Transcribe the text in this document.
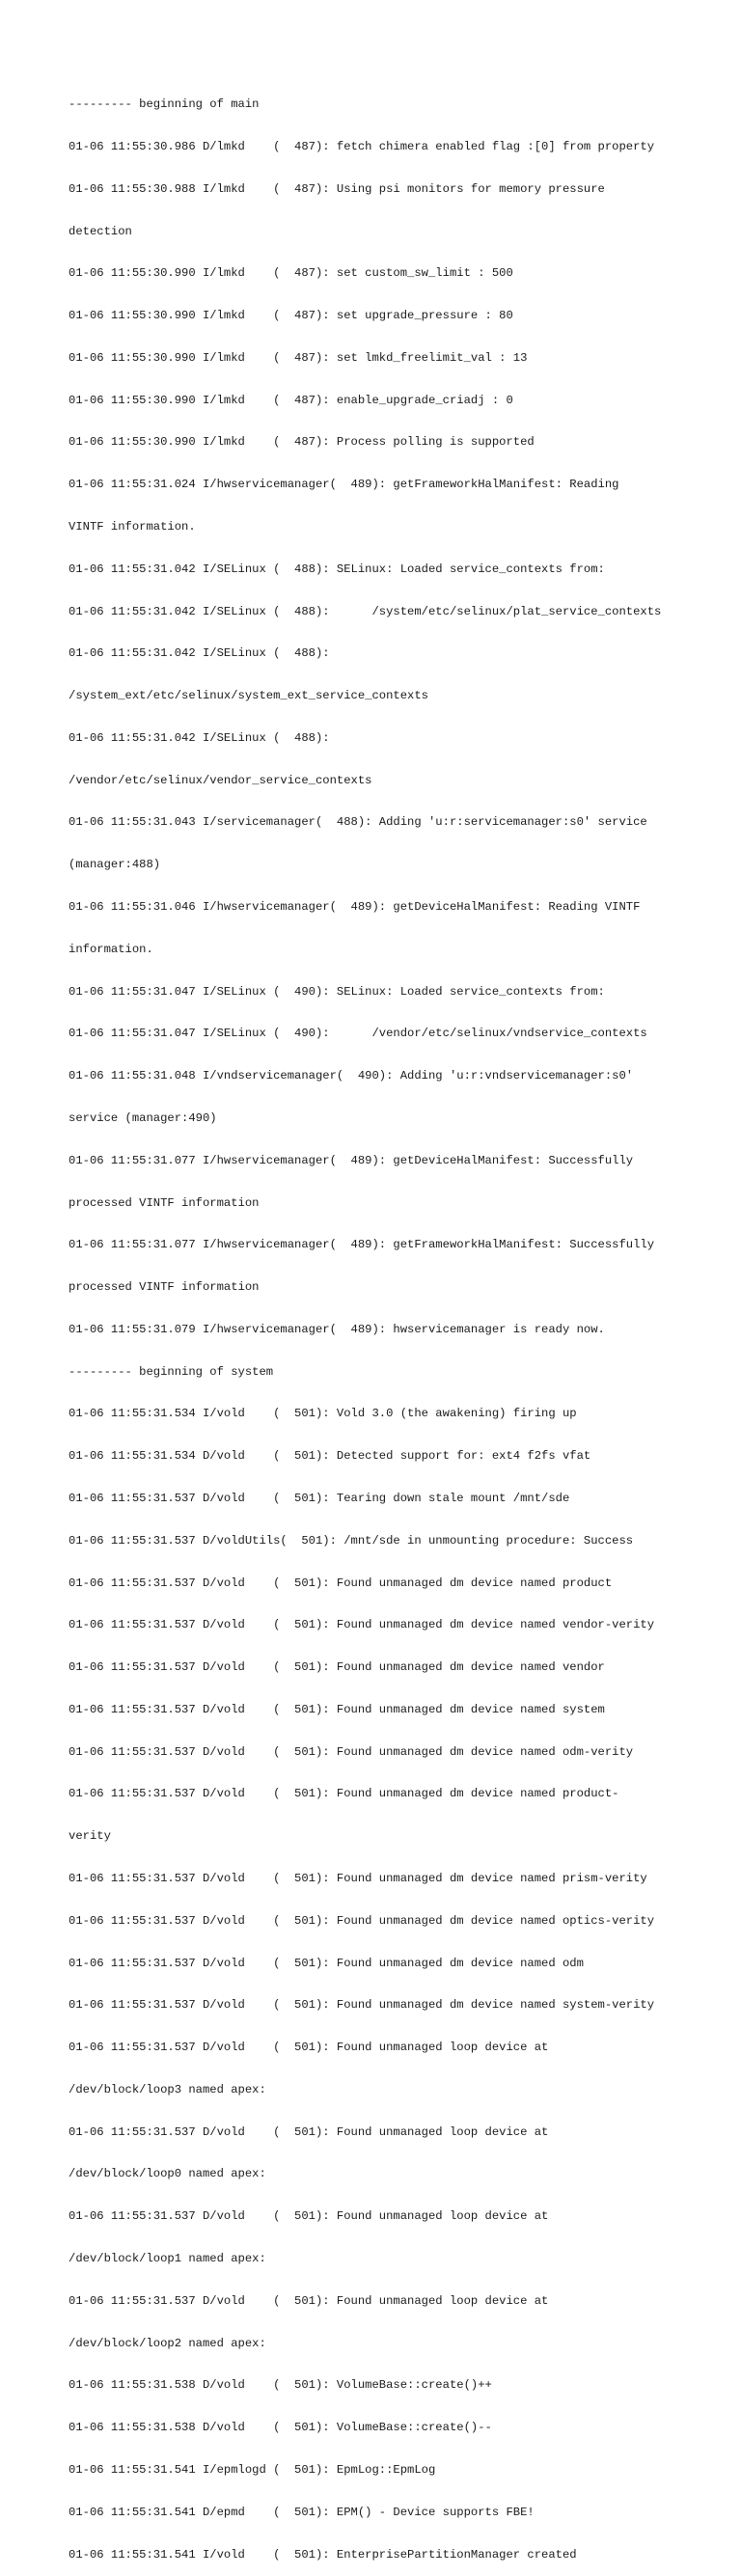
--------- beginning of main

01-06 11:55:30.986 D/lmkd    (  487): fetch chimera enabled flag :[0] from property

01-06 11:55:30.988 I/lmkd    (  487): Using psi monitors for memory pressure

detection

01-06 11:55:30.990 I/lmkd    (  487): set custom_sw_limit : 500

01-06 11:55:30.990 I/lmkd    (  487): set upgrade_pressure : 80

01-06 11:55:30.990 I/lmkd    (  487): set lmkd_freelimit_val : 13

01-06 11:55:30.990 I/lmkd    (  487): enable_upgrade_criadj : 0

01-06 11:55:30.990 I/lmkd    (  487): Process polling is supported

01-06 11:55:31.024 I/hwservicemanager(  489): getFrameworkHalManifest: Reading

VINTF information.

01-06 11:55:31.042 I/SELinux (  488): SELinux: Loaded service_contexts from:

01-06 11:55:31.042 I/SELinux (  488):      /system/etc/selinux/plat_service_contexts

01-06 11:55:31.042 I/SELinux (  488):

/system_ext/etc/selinux/system_ext_service_contexts

01-06 11:55:31.042 I/SELinux (  488):

/vendor/etc/selinux/vendor_service_contexts

01-06 11:55:31.043 I/servicemanager(  488): Adding 'u:r:servicemanager:s0' service

(manager:488)

01-06 11:55:31.046 I/hwservicemanager(  489): getDeviceHalManifest: Reading VINTF

information.

01-06 11:55:31.047 I/SELinux (  490): SELinux: Loaded service_contexts from:

01-06 11:55:31.047 I/SELinux (  490):      /vendor/etc/selinux/vndservice_contexts

01-06 11:55:31.048 I/vndservicemanager(  490): Adding 'u:r:vndservicemanager:s0'

service (manager:490)

01-06 11:55:31.077 I/hwservicemanager(  489): getDeviceHalManifest: Successfully

processed VINTF information

01-06 11:55:31.077 I/hwservicemanager(  489): getFrameworkHalManifest: Successfully

processed VINTF information

01-06 11:55:31.079 I/hwservicemanager(  489): hwservicemanager is ready now.

--------- beginning of system

01-06 11:55:31.534 I/vold    (  501): Vold 3.0 (the awakening) firing up

01-06 11:55:31.534 D/vold    (  501): Detected support for: ext4 f2fs vfat

01-06 11:55:31.537 D/vold    (  501): Tearing down stale mount /mnt/sde

01-06 11:55:31.537 D/voldUtils(  501): /mnt/sde in unmounting procedure: Success

01-06 11:55:31.537 D/vold    (  501): Found unmanaged dm device named product

01-06 11:55:31.537 D/vold    (  501): Found unmanaged dm device named vendor-verity

01-06 11:55:31.537 D/vold    (  501): Found unmanaged dm device named vendor

01-06 11:55:31.537 D/vold    (  501): Found unmanaged dm device named system

01-06 11:55:31.537 D/vold    (  501): Found unmanaged dm device named odm-verity

01-06 11:55:31.537 D/vold    (  501): Found unmanaged dm device named product-

verity

01-06 11:55:31.537 D/vold    (  501): Found unmanaged dm device named prism-verity

01-06 11:55:31.537 D/vold    (  501): Found unmanaged dm device named optics-verity

01-06 11:55:31.537 D/vold    (  501): Found unmanaged dm device named odm

01-06 11:55:31.537 D/vold    (  501): Found unmanaged dm device named system-verity

01-06 11:55:31.537 D/vold    (  501): Found unmanaged loop device at

/dev/block/loop3 named apex:

01-06 11:55:31.537 D/vold    (  501): Found unmanaged loop device at

/dev/block/loop0 named apex:

01-06 11:55:31.537 D/vold    (  501): Found unmanaged loop device at

/dev/block/loop1 named apex:

01-06 11:55:31.537 D/vold    (  501): Found unmanaged loop device at

/dev/block/loop2 named apex:

01-06 11:55:31.538 D/vold    (  501): VolumeBase::create()++

01-06 11:55:31.538 D/vold    (  501): VolumeBase::create()--

01-06 11:55:31.541 I/epmlogd (  501): EpmLog::EpmLog

01-06 11:55:31.541 D/epmd    (  501): EPM() - Device supports FBE!

01-06 11:55:31.541 I/vold    (  501): EnterprisePartitionManager created
